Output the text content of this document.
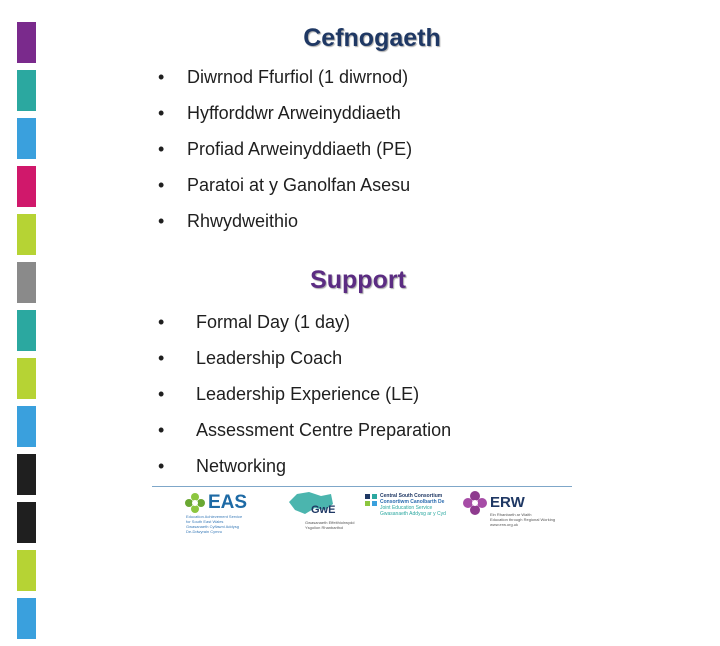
Cefnogaeth
• Diwrnod Ffurfiol (1 diwrnod)
• Hyfforddwr Arweinyddiaeth
• Profiad Arweinyddiaeth (PE)
• Paratoi at y Ganolfan Asesu
• Rhwydweithio
Support
• Formal Day (1 day)
• Leadership Coach
• Leadership Experience (LE)
• Assessment Centre Preparation
• Networking
EAS
Education Achievement Service
for South East Wales
Gwasanaeth Cyflawni Addysg
De-Ddwyrain Cymru
GwE
Gwasanaeth Effeithiolrwydd
Ysgolion Rhanbarthol
Central South Consortium
Consortiwm Canolbarth De
Joint Education Service
Gwasanaeth Addysg ar y Cyd
ERW
Ein Rhanbarth ar Waith
Education through Regional Working
www.erw.org.uk
